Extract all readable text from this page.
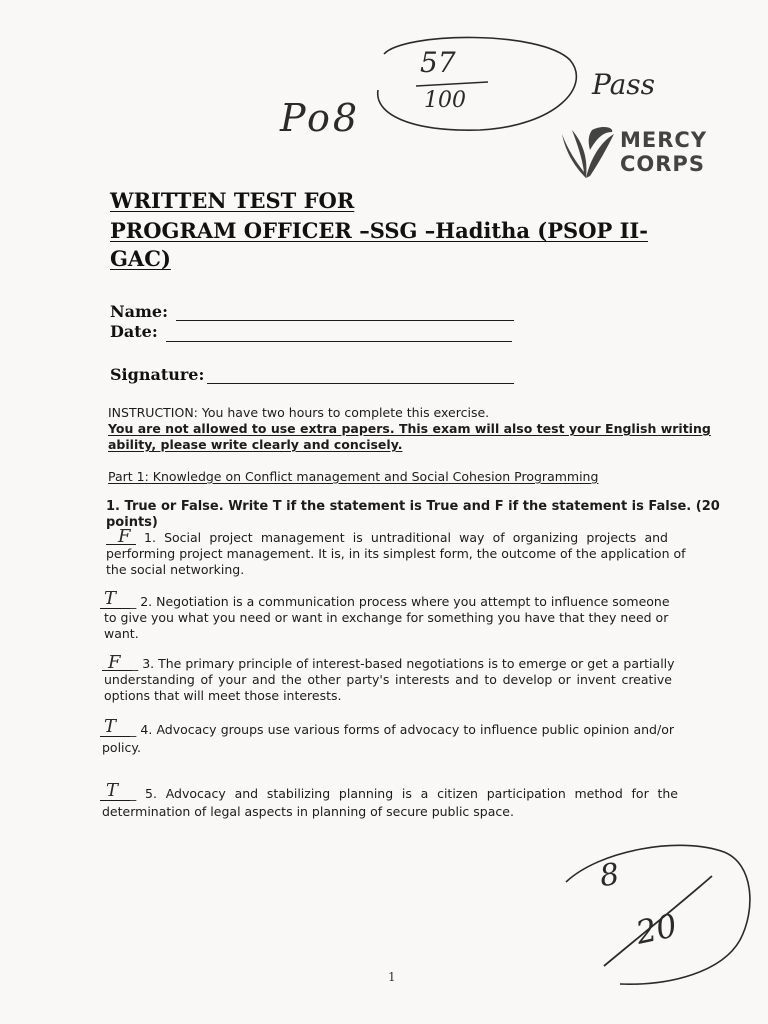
57
100	Pass
Po8	MERCY
CORPS
WRITTEN TEST FOR
PROGRAM OFFICER –SSG –Haditha (PSOP II-
GAC)
Name:
Date:
Signature:
INSTRUCTION: You have two hours to complete this exercise.
You are not allowed to use extra papers. This exam will also test your English writing
ability, please write clearly and concisely.
Part 1: Knowledge on Conflict management and Social Cohesion Programming
1. True or False. Write T if the statement is True and F if the statement is False. (20
points)
F 1. Social project management is untraditional way of organizing projects and
performing project management. It is, in its simplest form, the outcome of the application of
the social networking.
T _ 2. Negotiation is a communication process where you attempt to influence someone
to give you what you need or want in exchange for something you have that they need or
want.
F _ 3. The primary principle of interest-based negotiations is to emerge or get a partially
understanding of your and the other party's interests and to develop or invent creative
options that will meet those interests.
T _ 4. Advocacy groups use various forms of advocacy to influence public opinion and/or
policy.
T _ 5. Advocacy and stabilizing planning is a citizen participation method for the
determination of legal aspects in planning of secure public space.
8
20
1
